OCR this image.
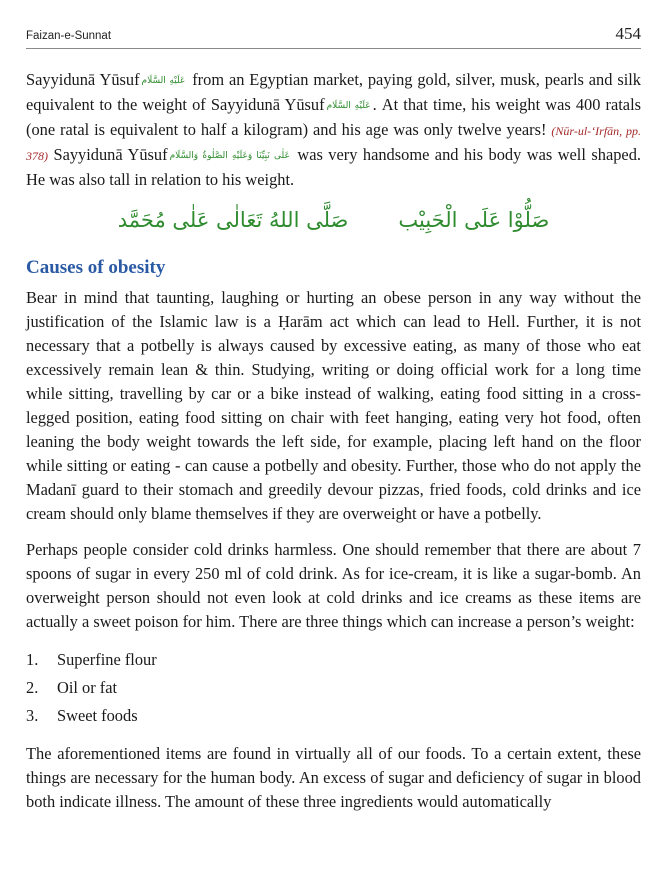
Faizan-e-Sunnat	454

Sayyidunā Yūsuf عَلَيْهِ السَّلَام from an Egyptian market, paying gold, silver, musk, pearls and silk equivalent to the weight of Sayyidunā Yūsuf عَلَيْهِ السَّلَام . At that time, his weight was 400 ratals (one ratal is equivalent to half a kilogram) and his age was only twelve years! (Nūr-ul-‘Irfān, pp. 378) Sayyidunā Yūsuf عَلٰى نَبِيِّنَا وَعَلَيْهِ الصَّلٰوةُ وَالسَّلَام was very handsome and his body was well shaped. He was also tall in relation to his weight.

صَلُّوْا عَلَى الْحَبِيْب
صَلَّى اللهُ تَعَالٰى عَلٰى مُحَمَّد
Causes of obesity

Bear in mind that taunting, laughing or hurting an obese person in any way without the justification of the Islamic law is a Ḥarām act which can lead to Hell. Further, it is not necessary that a potbelly is always caused by excessive eating, as many of those who eat excessively remain lean & thin. Studying, writing or doing official work for a long time while sitting, travelling by car or a bike instead of walking, eating food sitting in a cross-legged position, eating food sitting on chair with feet hanging, eating very hot food, often leaning the body weight towards the left side, for example, placing left hand on the floor while sitting or eating - can cause a potbelly and obesity. Further, those who do not apply the Madanī guard to their stomach and greedily devour pizzas, fried foods, cold drinks and ice cream should only blame themselves if they are overweight or have a potbelly.

Perhaps people consider cold drinks harmless. One should remember that there are about 7 spoons of sugar in every 250 ml of cold drink. As for ice-cream, it is like a sugar-bomb. An overweight person should not even look at cold drinks and ice creams as these items are actually a sweet poison for him. There are three things which can increase a person’s weight:

1.	Superfine flour
2.	Oil or fat
3.	Sweet foods

The aforementioned items are found in virtually all of our foods. To a certain extent, these things are necessary for the human body. An excess of sugar and deficiency of sugar in blood both indicate illness. The amount of these three ingredients would automatically
